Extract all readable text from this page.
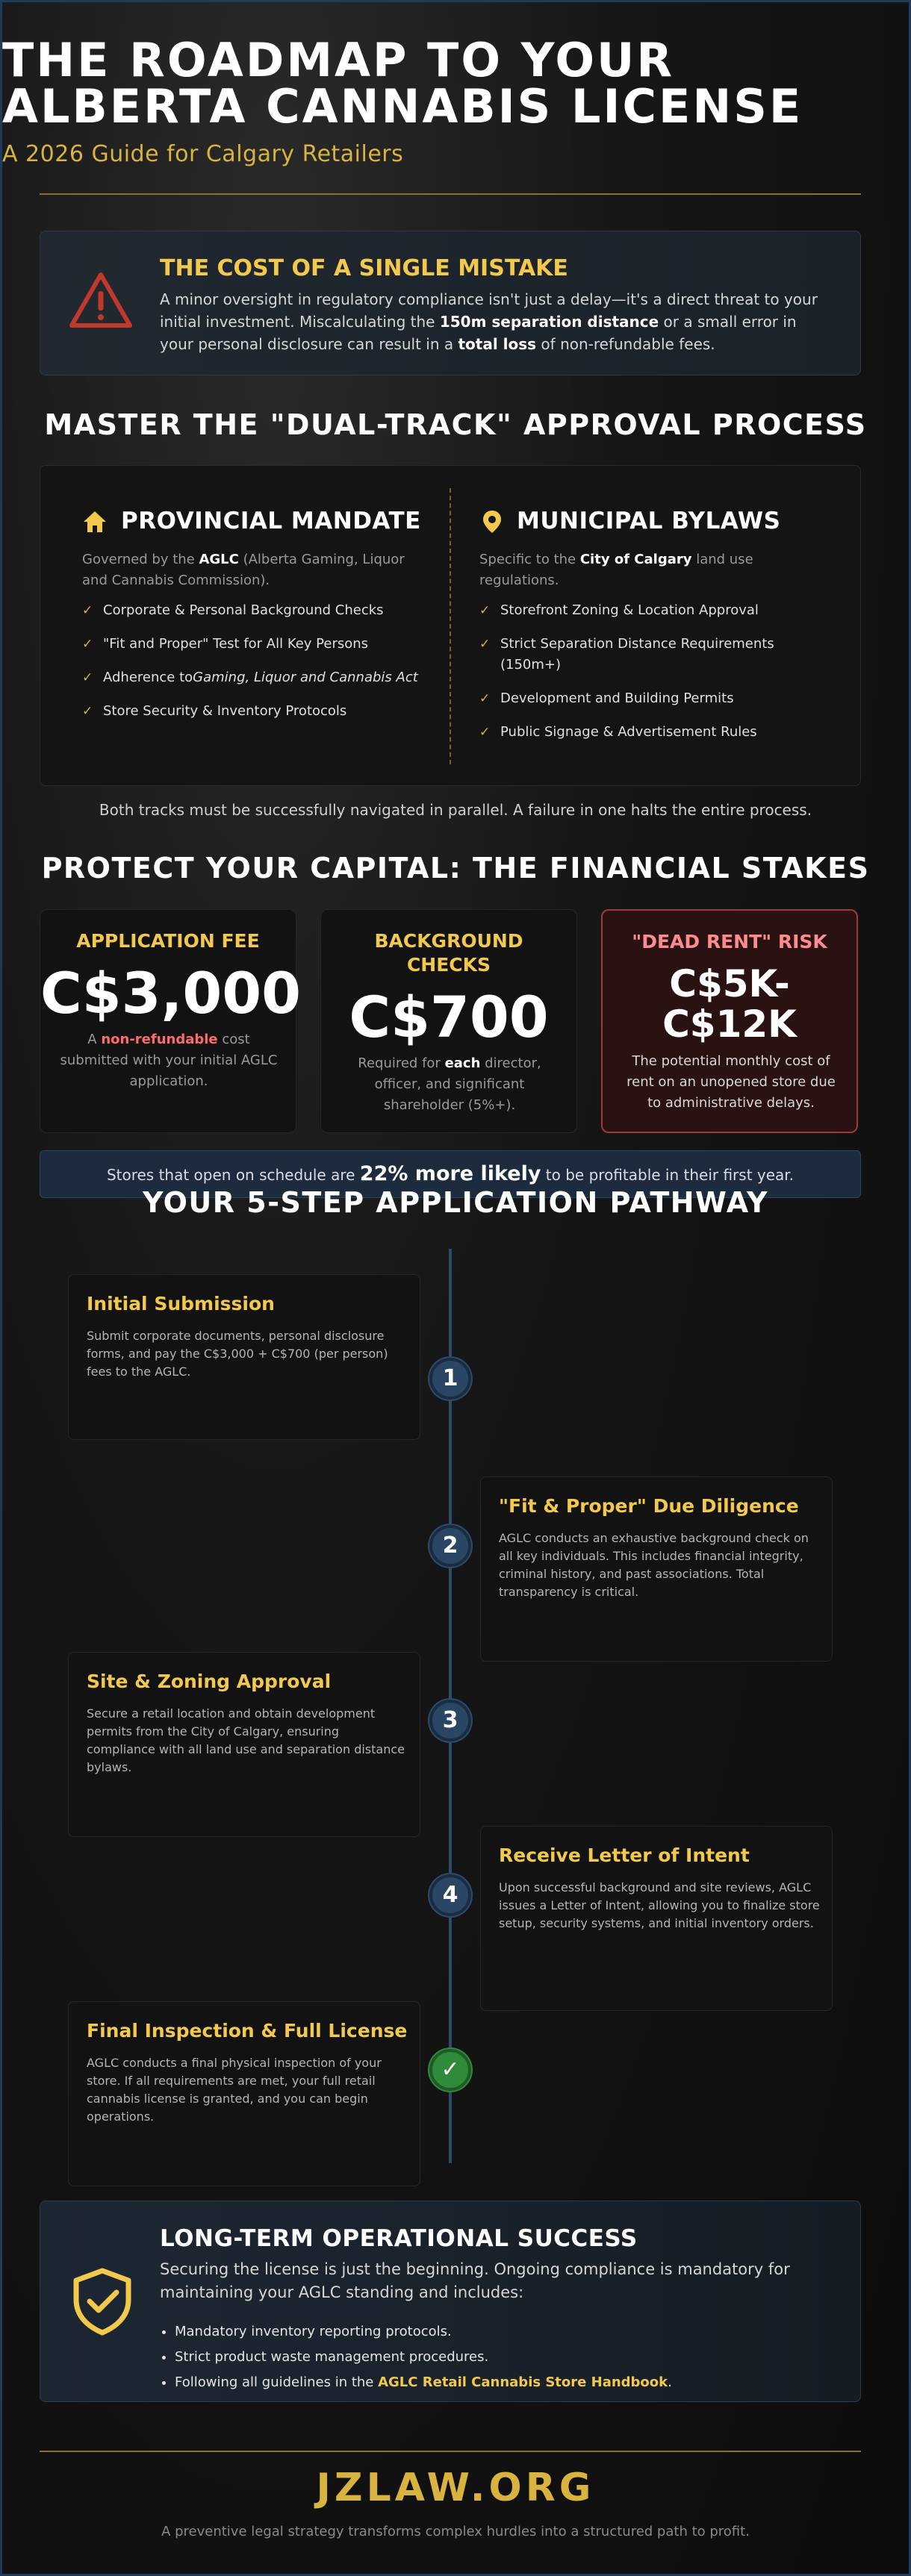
THE ROADMAP TO YOUR
ALBERTA CANNABIS LICENSE
A 2026 Guide for Calgary Retailers
THE COST OF A SINGLE MISTAKE
A minor oversight in regulatory compliance isn't just a delay—it's a direct threat to your initial investment. Miscalculating the 150m separation distance or a small error in your personal disclosure can result in a total loss of non-refundable fees.
MASTER THE "DUAL-TRACK" APPROVAL PROCESS
PROVINCIAL MANDATE
Governed by the AGLC (Alberta Gaming, Liquor and Cannabis Commission).
✓ Corporate & Personal Background Checks
✓ "Fit and Proper" Test for All Key Persons
✓ Adherence toGaming, Liquor and Cannabis Act
✓ Store Security & Inventory Protocols
MUNICIPAL BYLAWS
Specific to the City of Calgary land use regulations.
✓ Storefront Zoning & Location Approval
✓ Strict Separation Distance Requirements (150m+)
✓ Development and Building Permits
✓ Public Signage & Advertisement Rules
Both tracks must be successfully navigated in parallel. A failure in one halts the entire process.
PROTECT YOUR CAPITAL: THE FINANCIAL STAKES
APPLICATION FEE
C$3,000
A non-refundable cost submitted with your initial AGLC application.
BACKGROUND
CHECKS
C$700
Required for each director, officer, and significant shareholder (5%+).
"DEAD RENT" RISK
C$5K-
C$12K
The potential monthly cost of rent on an unopened store due to administrative delays.
Stores that open on schedule are 22% more likely to be profitable in their first year.
YOUR 5-STEP APPLICATION PATHWAY
Initial Submission
Submit corporate documents, personal disclosure forms, and pay the C$3,000 + C$700 (per person) fees to the AGLC.	1
"Fit & Proper" Due Diligence
AGLC conducts an exhaustive background check on all key individuals. This includes financial integrity, criminal history, and past associations. Total transparency is critical.
2
Site & Zoning Approval
Secure a retail location and obtain development permits from the City of Calgary, ensuring compliance with all land use and separation distance bylaws.
3
Receive Letter of Intent
Upon successful background and site reviews, AGLC issues a Letter of Intent, allowing you to finalize store setup, security systems, and initial inventory orders.
4
Final Inspection & Full License
AGLC conducts a final physical inspection of your store. If all requirements are met, your full retail cannabis license is granted, and you can begin operations.
✓
LONG-TERM OPERATIONAL SUCCESS
Securing the license is just the beginning. Ongoing compliance is mandatory for maintaining your AGLC standing and includes:
• Mandatory inventory reporting protocols.
• Strict product waste management procedures.
• Following all guidelines in the AGLC Retail Cannabis Store Handbook.
JZLAW.ORG
A preventive legal strategy transforms complex hurdles into a structured path to profit.
